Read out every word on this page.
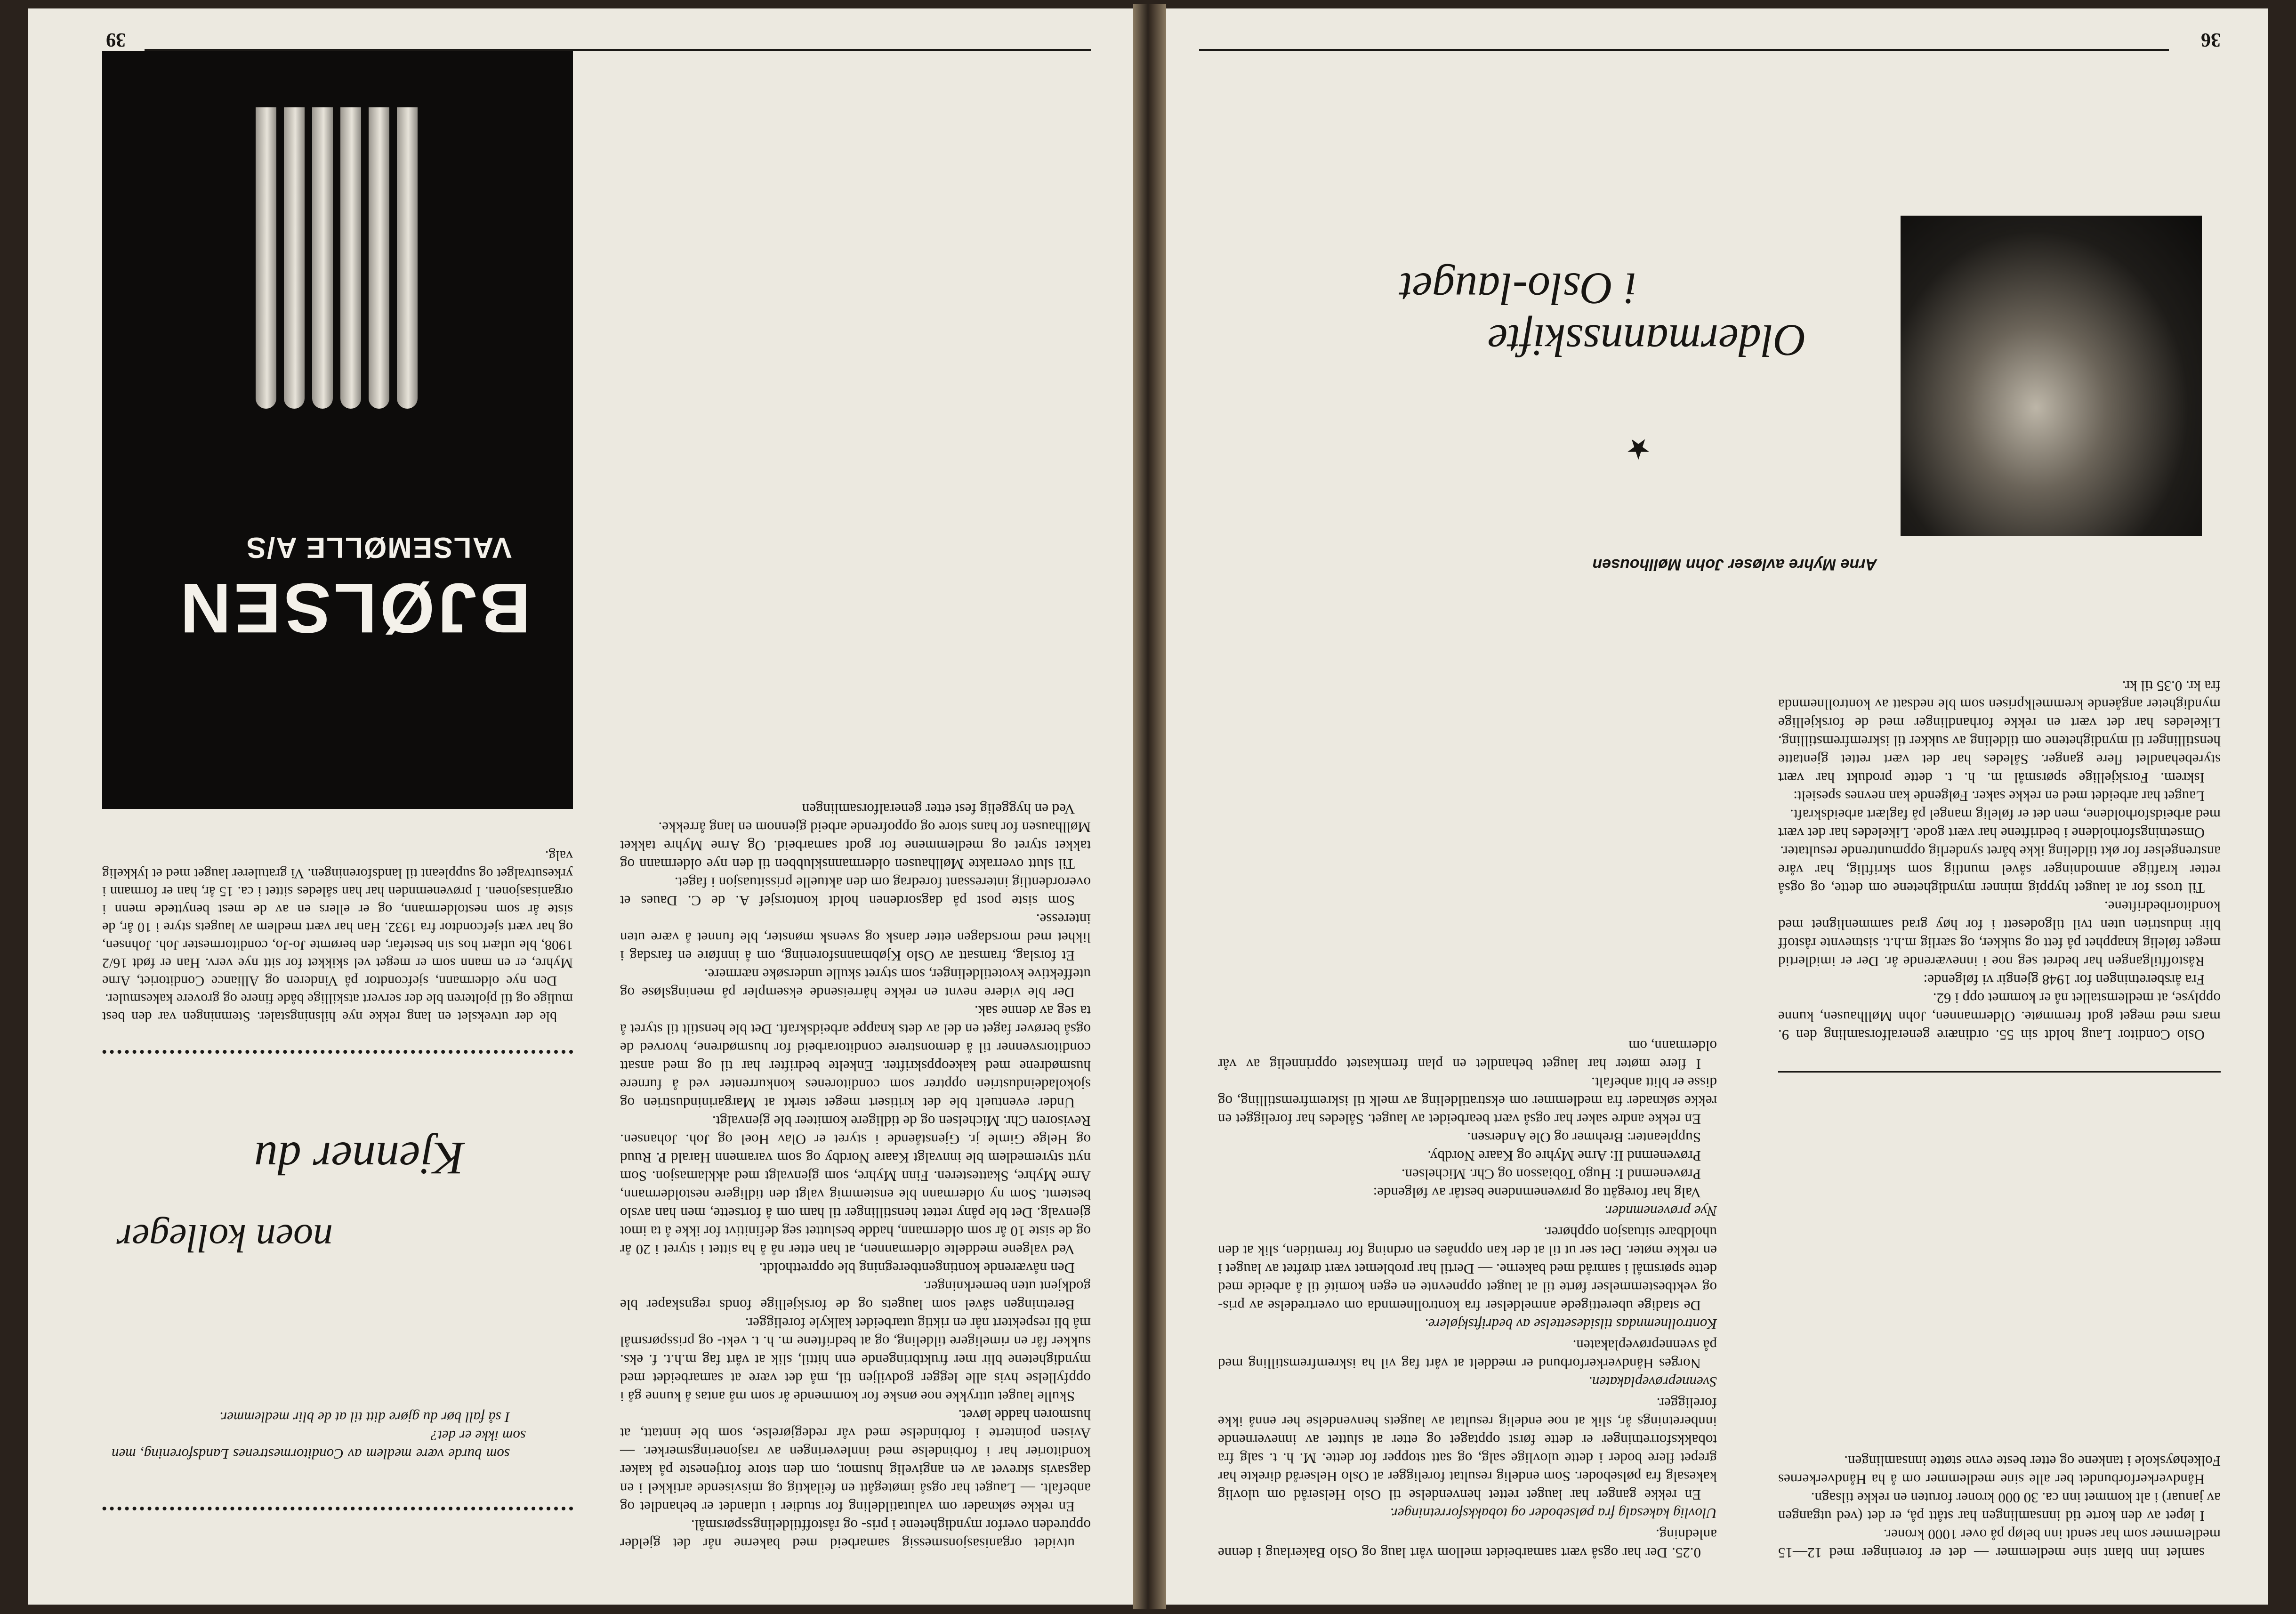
36
Arne Myhre avløser John Møllhousen
★
Oldermannsskifte
i Oslo-lauget

Oslo Conditor Laug holdt sin 55. ordinære generalforsamling den 9. mars med meget godt fremmøte. Oldermannen, John Møllhausen, kunne opplyse, at medlemstallet nå er kommet opp i 62.

Fra årsberetningen for 1948 gjengir vi følgende:

Råstofftilgangen har bedret seg noe i inneværende år. Der er imidlertid meget følelig knapphet på fett og sukker, og særlig m.h.t. sistnevnte råstoff blir industrien uten tvil tilgodesett i for høy grad sammenlignet med konditoribedriftene.

Til tross for at lauget hyppig minner myndighetene om dette, og også retter kraftige anmodninger såvel muntlig som skriftlig, har våre anstrengelser for økt tildeling ikke båret synderlig oppmuntrende resultater.

Omsetningsforholdene i bedriftene har vært gode. Likeledes har det vært med arbeidsforholdene, men det er følelig mangel på faglært arbeidskraft.

Lauget har arbeidet med en rekke saker. Følgende kan nevnes spesielt:

Iskrem. Forskjellige spørsmål m. h. t. dette produkt har vært styrebehandlet flere ganger. Således har det vært rettet gjentatte henstillinger til myndighetene om tildeling av sukker til iskremfremstilling. Likeledes har det vært en rekke forhandlinger med de forskjellige myndigheter angående kremmelkprisen som ble nedsatt av kontrollnemnda fra kr. 0.35 til kr.

samlet inn blant sine medlemmer — det er foreninger med 12—15 medlemmer som har sendt inn beløp på over 1000 kroner.

I løpet av den korte tid innsamlingen har stått på, er det (ved utgangen av januar) i alt kommet inn ca. 30 000 kroner foruten en rekke tilsagn.

Håndverkerforbundet ber alle sine medlemmer om å ha Håndverkernes Folkehøyskole i tankene og etter beste evne støtte innsamlingen.

0.25. Der har også vært samarbeidet mellom vårt laug og Oslo Bakerlaug i denne anledning.

Ulovlig kakesalg fra pølseboder og tobakksforretninger.

En rekke ganger har lauget rettet henvendelse til Oslo Helseråd om ulovlig kakesalg fra pølseboder. Som endelig resultat foreligger at Oslo Helseråd direkte har grepet flere boder i dette ulovlige salg, og satt stopper for dette. M. h. t. salg fra tobakksforretninger er dette først opptaget og etter at sluttet av innevernende innberetnings år, slik at noe endelig resultat av laugets henvendelse her ennå ikke foreligger.

Svenneprøveplakaten.

Norges Håndverkerforbund er meddelt at vårt fag vil ha iskremfremstilling med på svenneprøveplakaten.

Kontrollnemndas tilsidesettelse av bedriftskjølere.

De stadige uberettigede anmeldelser fra kontrollnemnda om overtredelse av pris- og vektbestemmelser førte til at lauget oppnevnte en egen komité til å arbeide med dette spørsmål i samråd med bakerne. — Dertil har problemet vært drøftet av lauget i en rekke møter. Det ser ut til at der kan oppnåes en ordning for fremtiden, slik at den uholdbare situasjon opphører.

Nye prøvenemnder.

Valg har foregått og prøvenemndene består av følgende:

Prøvenemnd I: Hugo Tobiasson og Chr. Michelsen.

Prøvenemnd II: Arne Myhre og Kaare Nordby.

Suppleanter: Brehmer og Ole Andersen.

En rekke andre saker har også vært bearbeidet av lauget. Således har foreligget en rekke søknader fra medlemmer om ekstratildeling av melk til iskremfremstilling, og disse er blitt anbefalt.

I flere møter har lauget behandlet en plan fremkastet opprinnelig av vår oldermann, om

39

utvidet organisasjonsmessig samarbeid med bakerne når det gjelder opptreden overfor myndighetene i pris- og råstofftildelingsspørsmål.

En rekke søknader om valutatildeling for studier i utlandet er behandlet og anbefalt. — Lauget har også imøtegått en feilaktig og misvisende artikkel i en dagsavis skrevet av en angivelig husmor, om den store fortjeneste på kaker konditorier har i forbindelse med innleveringen av rasjoneringsmerker. — Avisen pointerte i forbindelse med vår redegjørelse, som ble inntatt, at husmoren hadde løvet.

Skulle lauget uttrykke noe ønske for kommende år som må antas å kunne gå i oppfyllelse hvis alle legger godviljen til, må det være at samarbeidet med myndighetene blir mer fruktbringende enn hittil, slik at vårt fag m.h.t. f. eks. sukker får en rimeligere tildeling, og at bedriftene m. h. t. vekt- og prisspørsmål må bli respektert når en riktig utarbeidet kalkyle foreligger.

Beretningen såvel som laugets og de forskjellige fonds regnskaper ble godkjent uten bemerkninger.

Den nåværende kontingentberegning ble opprettholdt.

Ved valgene meddelte oldermannen, at han etter nå å ha sittet i styret i 20 år og de siste 10 år som oldermann, hadde besluttet seg definitivt for ikke å ta imot gjenvalg. Det ble påny rettet henstillinger til ham om å fortsette, men han avslo bestemt. Som ny oldermann ble enstemmig valgt den tidligere nestoldermann, Arne Myhre, Skattesteren. Finn Myhre, som gjenvalgt med akklamasjon. Som nytt styremedlem ble innvalgt Kaare Nordby og som varamenn Harald P. Ruud og Helge Gimle jr. Gjenstående i styret er Olav Hoel og Joh. Johansen. Revisoren Chr. Michelsen og de tidligere komiteer ble gjenvalgt.

Under eventuelt ble det kritisert meget sterkt at Margarinindustrien og sjokoladeindustrien opptrer som conditorenes konkurrenter ved å furnere husmødrene med kakeoppskrifter. Enkelte bedrifter har til og med ansatt conditorsvenner til å demonstrere conditorarbeid for husmødrene, hvorved de også berøver faget en del av dets knappe arbeidskraft. Det ble henstilt til styret å ta seg av denne sak.

Der ble videre nevnt en rekke hårreisende eksempler på meningsløse og uteffektive kvotetildelinger, som styret skulle undersøke nærmere.

Et forslag, framsatt av Oslo Kjøbmannsforening, om å innføre en farsdag i likhet med morsdagen etter dansk og svensk mønster, ble funnet å være uten interesse.

Som siste post på dagsordenen holdt kontorsjef A. de C. Daues et overordentlig interessant foredrag om den aktuelle prissituasjon i faget.

Til slutt overrakte Møllhausen oldermannsklubben til den nye oldermann og takket styret og medlemmene for godt samarbeid. Og Arne Myhre takket Møllhausen for hans store og oppofrende arbeid gjennom en lang årrekke.

Ved en hyggelig fest etter generalforsamlingen

BJØLSEN
VALSEMØLLE A/S

ble der utvekslet en lang rekke nye hilsningstaler. Stemningen var den best mulige og til pjolteren ble der servert atskillige både finere og grovere kakesmuler.

Den nye oldermann, sjefcondtor på Vinderen og Alliance Conditoriet, Arne Myhre, er en mann som er meget vel skikket for sitt nye verv. Han er født 16/2 1908, ble utlært hos sin bestefar, den berømte Jo-Jo, conditormester Joh. Johnsen, og har vært sjefcondtor fra 1932. Han har vært medlem av laugets styre i 10 år, de siste år som nestoldermann, og er ellers en av de mest benyttede menn i organisasjonen. I prøvenemnden har han således sittet i ca. 15 år, han er formann i yrkesutvalget og suppleant til landsforeningen. Vi gratulerer lauget med et lykkelig valg.

Kjenner du
noen kolleger

som burde være medlem av Conditormestrenes Landsforening, men som ikke er det?

I så fall bør du gjøre ditt til at de blir medlemmer.
